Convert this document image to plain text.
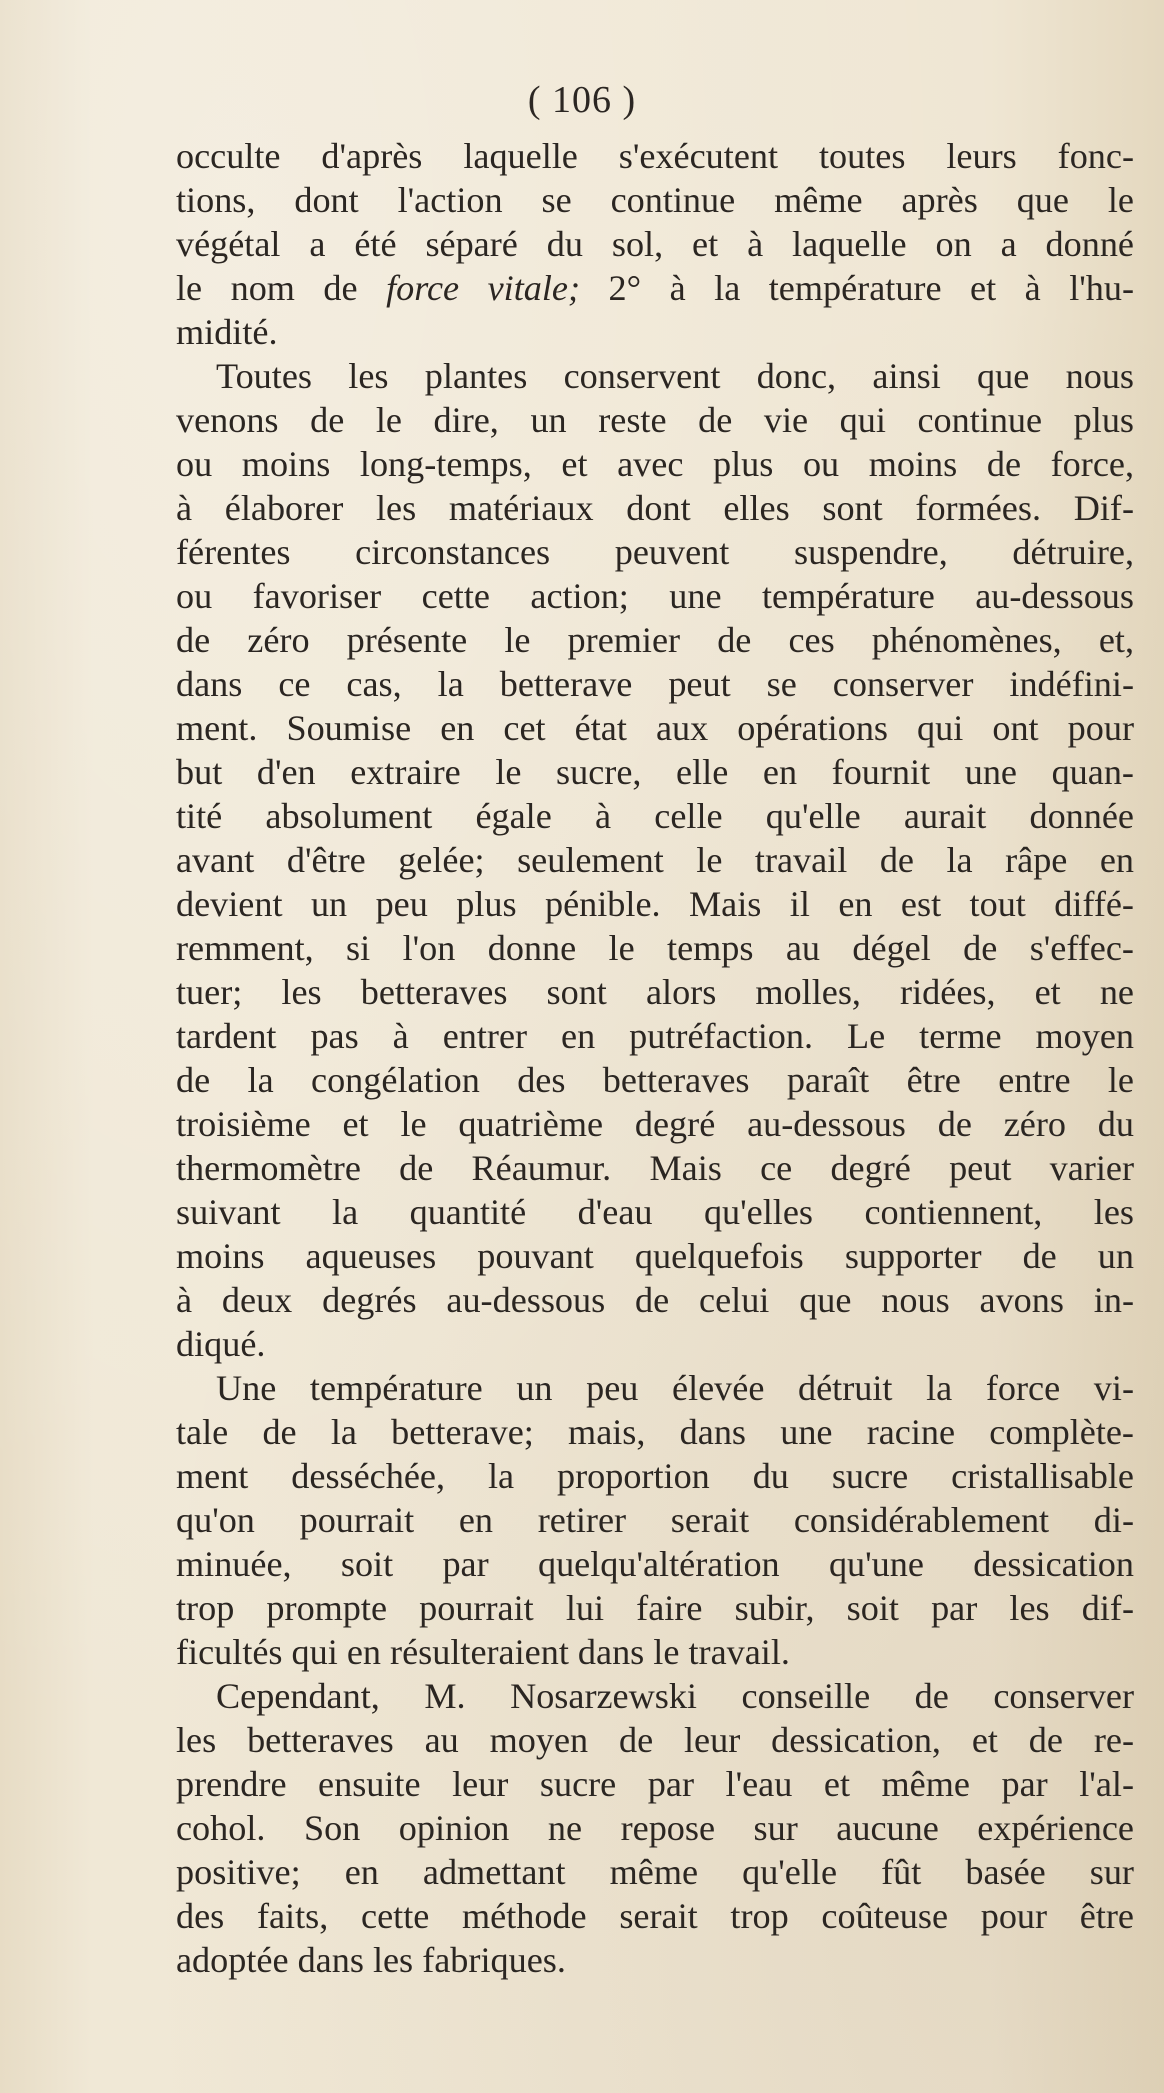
( 106 )
occulte d'après laquelle s'exécutent toutes leurs fonc-
tions, dont l'action se continue même après que le
végétal a été séparé du sol, et à laquelle on a donné
le nom de force vitale; 2° à la température et à l'hu-
midité.
Toutes les plantes conservent donc, ainsi que nous
venons de le dire, un reste de vie qui continue plus
ou moins long-temps, et avec plus ou moins de force,
à élaborer les matériaux dont elles sont formées. Dif-
férentes circonstances peuvent suspendre, détruire,
ou favoriser cette action; une température au-dessous
de zéro présente le premier de ces phénomènes, et,
dans ce cas, la betterave peut se conserver indéfini-
ment. Soumise en cet état aux opérations qui ont pour
but d'en extraire le sucre, elle en fournit une quan-
tité absolument égale à celle qu'elle aurait donnée
avant d'être gelée; seulement le travail de la râpe en
devient un peu plus pénible. Mais il en est tout diffé-
remment, si l'on donne le temps au dégel de s'effec-
tuer; les betteraves sont alors molles, ridées, et ne
tardent pas à entrer en putréfaction. Le terme moyen
de la congélation des betteraves paraît être entre le
troisième et le quatrième degré au-dessous de zéro du
thermomètre de Réaumur. Mais ce degré peut varier
suivant la quantité d'eau qu'elles contiennent, les
moins aqueuses pouvant quelquefois supporter de un
à deux degrés au-dessous de celui que nous avons in-
diqué.
Une température un peu élevée détruit la force vi-
tale de la betterave; mais, dans une racine complète-
ment desséchée, la proportion du sucre cristallisable
qu'on pourrait en retirer serait considérablement di-
minuée, soit par quelqu'altération qu'une dessication
trop prompte pourrait lui faire subir, soit par les dif-
ficultés qui en résulteraient dans le travail.
Cependant, M. Nosarzewski conseille de conserver
les betteraves au moyen de leur dessication, et de re-
prendre ensuite leur sucre par l'eau et même par l'al-
cohol. Son opinion ne repose sur aucune expérience
positive; en admettant même qu'elle fût basée sur
des faits, cette méthode serait trop coûteuse pour être
adoptée dans les fabriques.
